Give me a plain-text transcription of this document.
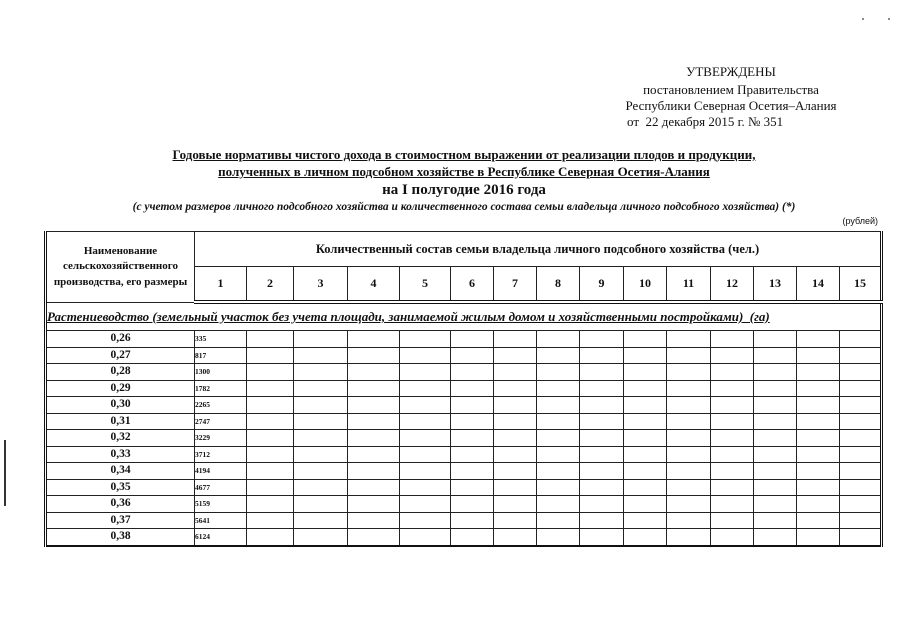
УТВЕРЖДЕНЫ
постановлением Правительства
Республики Северная Осетия–Алания
от  22 декабря 2015 г. № 351
Годовые нормативы чистого дохода в стоимостном выражении от реализации плодов и продукции,
полученных в личном подсобном хозяйстве в Республике Северная Осетия-Алания
на I полугодие 2016 года
(с учетом размеров личного подсобного хозяйства и количественного состава семьи владельца личного подсобного хозяйства) (*)
(рублей)
Наименование
сельскохозяйственного
производства, его размеры	Количественный состав семьи владельца личного подсобного хозяйства (чел.)														
	1	2	3	4	5	6	7	8	9	10	11	12	13	14	15
Растениеводство (земельный участок без учета площади, занимаемой жилым домом и хозяйственными постройками)  (га)															
0,26	335														
0,27	817														
0,28	1300														
0,29	1782														
0,30	2265														
0,31	2747														
0,32	3229														
0,33	3712														
0,34	4194														
0,35	4677														
0,36	5159														
0,37	5641														
0,38	6124														
